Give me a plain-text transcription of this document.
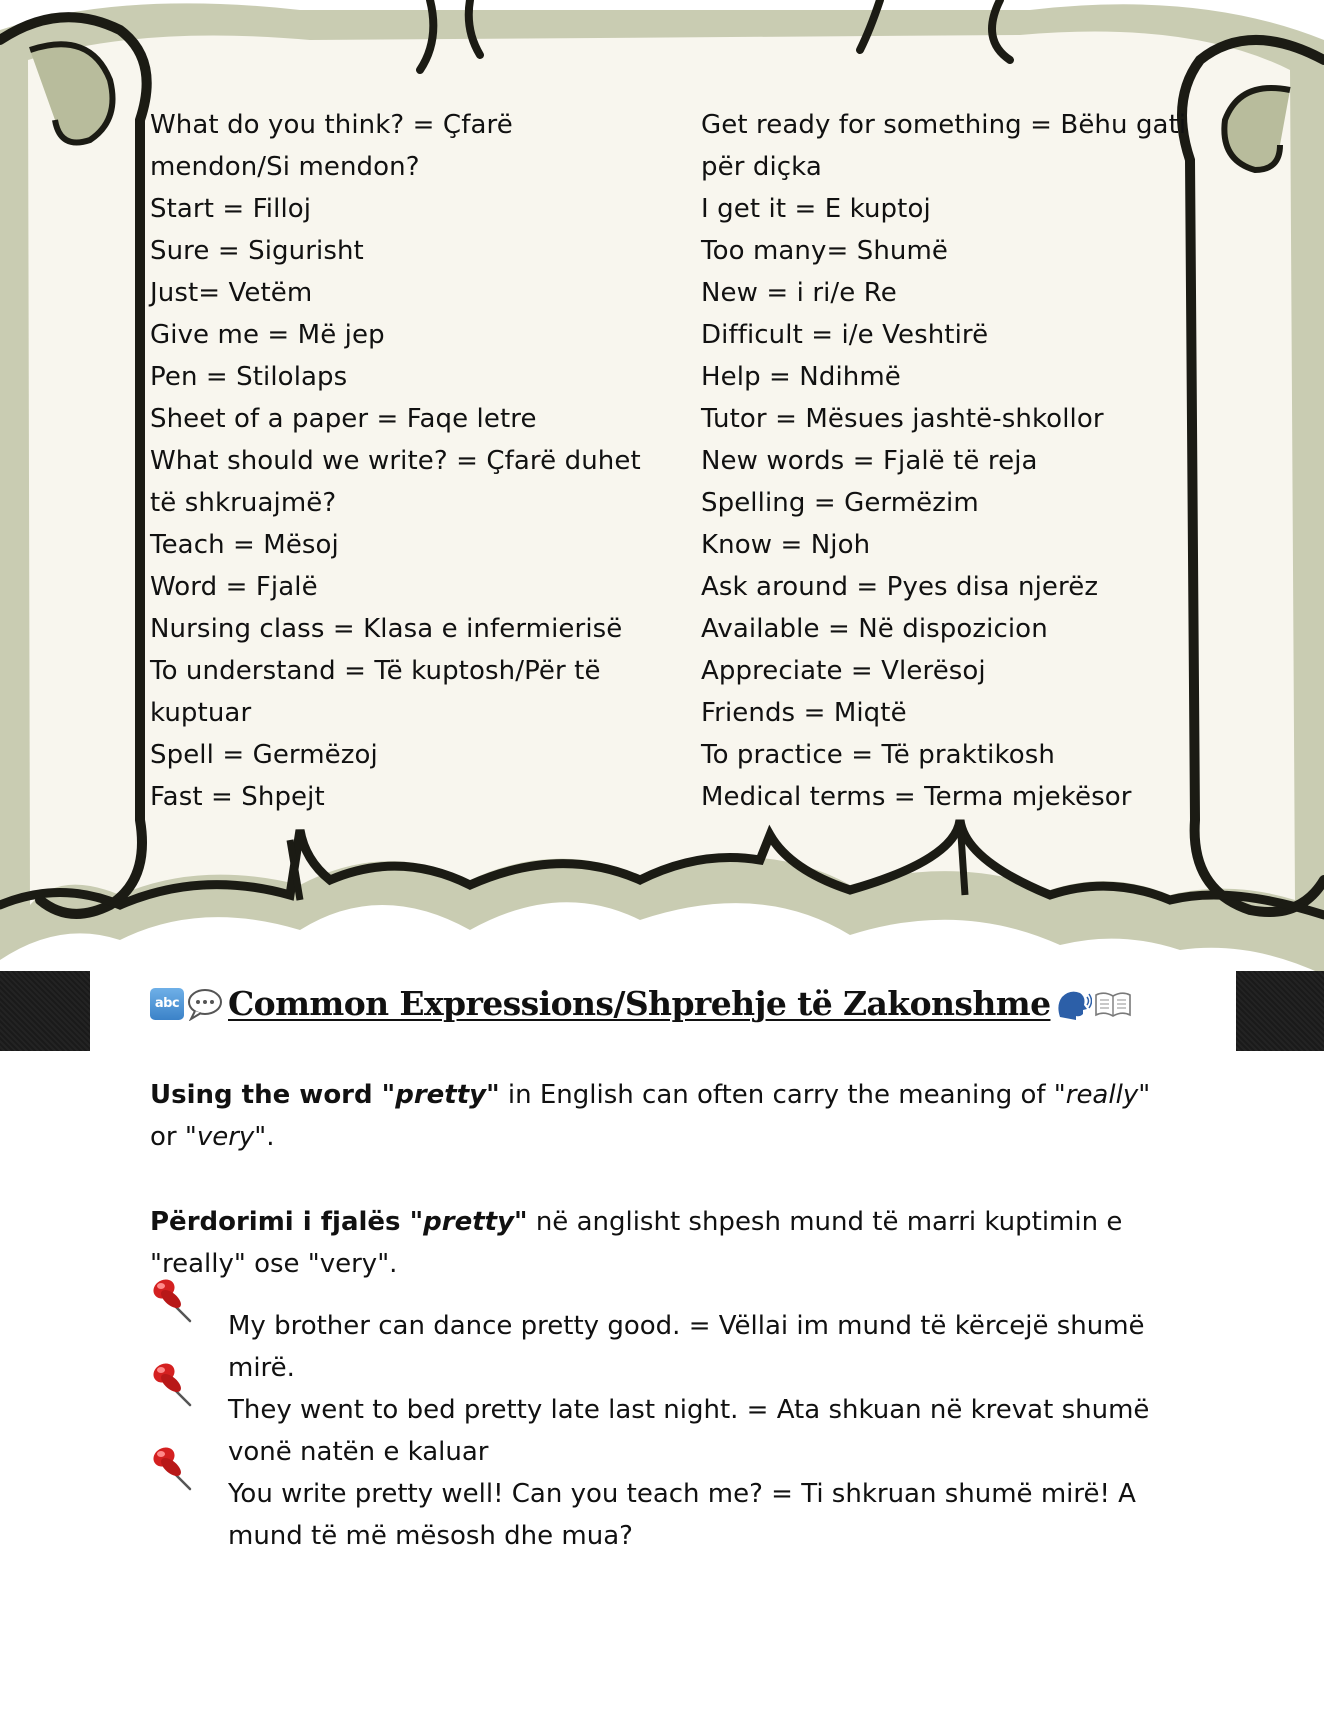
What do you think? = Çfarë
mendon/Si mendon?
Start = Filloj
Sure = Sigurisht
Just= Vetëm
Give me = Më jep
Pen = Stilolaps
Sheet of a paper = Faqe letre
What should we write? = Çfarë duhet
të shkruajmë?
Teach = Mësoj
Word = Fjalë
Nursing class = Klasa e infermierisë
To understand = Të kuptosh/Për të
kuptuar
Spell = Germëzoj
Fast = Shpejt
Get ready for something = Bëhu gati
për diçka
I get it = E kuptoj
Too many= Shumë
New = i ri/e Re
Difficult = i/e Veshtirë
Help = Ndihmë
Tutor = Mësues jashtë-shkollor
New words = Fjalë të reja
Spelling = Germëzim
Know = Njoh
Ask around = Pyes disa njerëz
Available = Në dispozicion
Appreciate = Vlerësoj
Friends = Miqtë
To practice = Të praktikosh
Medical terms = Terma mjekësor
abc Common Expressions/Shprehje të Zakonshme
Using the word "pretty" in English can often carry the meaning of "really" or "very".
Përdorimi i fjalës "pretty" në anglisht shpesh mund të marri kuptimin e "really" ose "very".
My brother can dance pretty good. = Vëllai im mund të kërcejë shumë mirë.
They went to bed pretty late last night. = Ata shkuan në krevat shumë vonë natën e kaluar
You write pretty well! Can you teach me? = Ti shkruan shumë mirë! A mund të më mësosh dhe mua?
